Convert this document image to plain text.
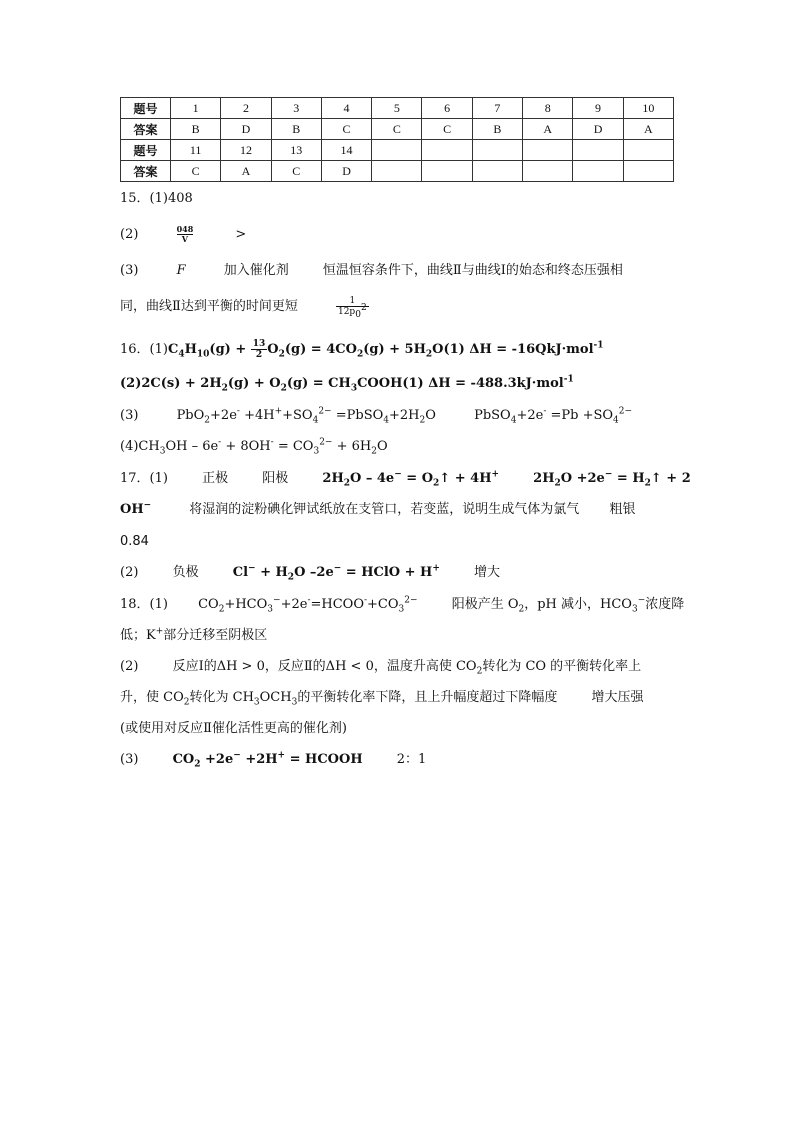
题号	1	2	3	4	5	6	7	8	9	10
答案	B	D	B	C	C	C	B	A	D	A
题号	11	12	13	14						
答案	C	A	C	D						
15．(1)408
(2)	$\frac{048}{V}$	>
(3)	F	加入催化剂	恒温恒容条件下，曲线Ⅱ与曲线Ⅰ的始态和终态压强相
同，曲线Ⅱ达到平衡的时间更短	$\frac{1}{12p_0^2}$
16．$(1)C_4H_{10}(g) + \frac{13}{2} O_2(g) = 4CO_2(g) + 5H_2O(1) \Delta H = -16QkJ\cdot mol^{-1}$
$(2)2C(s) + 2H_2(g) + O_2(g)$ = $CH_3COOH(1) \Delta H = -488.3kJ\cdot mol^{-1}$
(3)	$PbO_2+2e^- +4H^++SO_4^{2-}$ $=PbSO_4+2H_2O$	PbSO$_4$+2e- $=Pb +SO_4^{2-}$
$(4)CH_3OH - 6e^- + 8OH^- = CO_3^{2-} + 6H_2O$
17．(1)	正极	阳极	$2H_2O - 4e^-$ = $O_2↑ + 4H^+$	$2H_2O +2e^-$ = $H_2↑ + 2$
OH−	将湿润的淀粉碘化钾试纸放在支管口，若变蓝，说明生成气体为氯气 粗银
0.84
(2)	负极	$Cl^- + H_2O$ –2e− = HClO + H+	增大
18．(1) $CO_2+HCO_3^-+2e^-=HCOO^-+CO_3^{2-}$	阳极产生 $O_2$，pH 减小，$HCO_3^-$浓度降
低；K+部分迁移至阴极区
(2)	反应Ⅰ的ΔH > 0，反应Ⅱ的ΔH < 0，温度升高使 $CO_2$转化为 CO 的平衡转化率上
升，使 $CO_2$转化为 $CH_3OCH_3$的平衡转化率下降，且上升幅度超过下降幅度	增大压强
(或使用对反应Ⅱ催化活性更高的催化剂)
(3)	$CO_2 +2e^- +2H^+$ = HCOOH	2：1
